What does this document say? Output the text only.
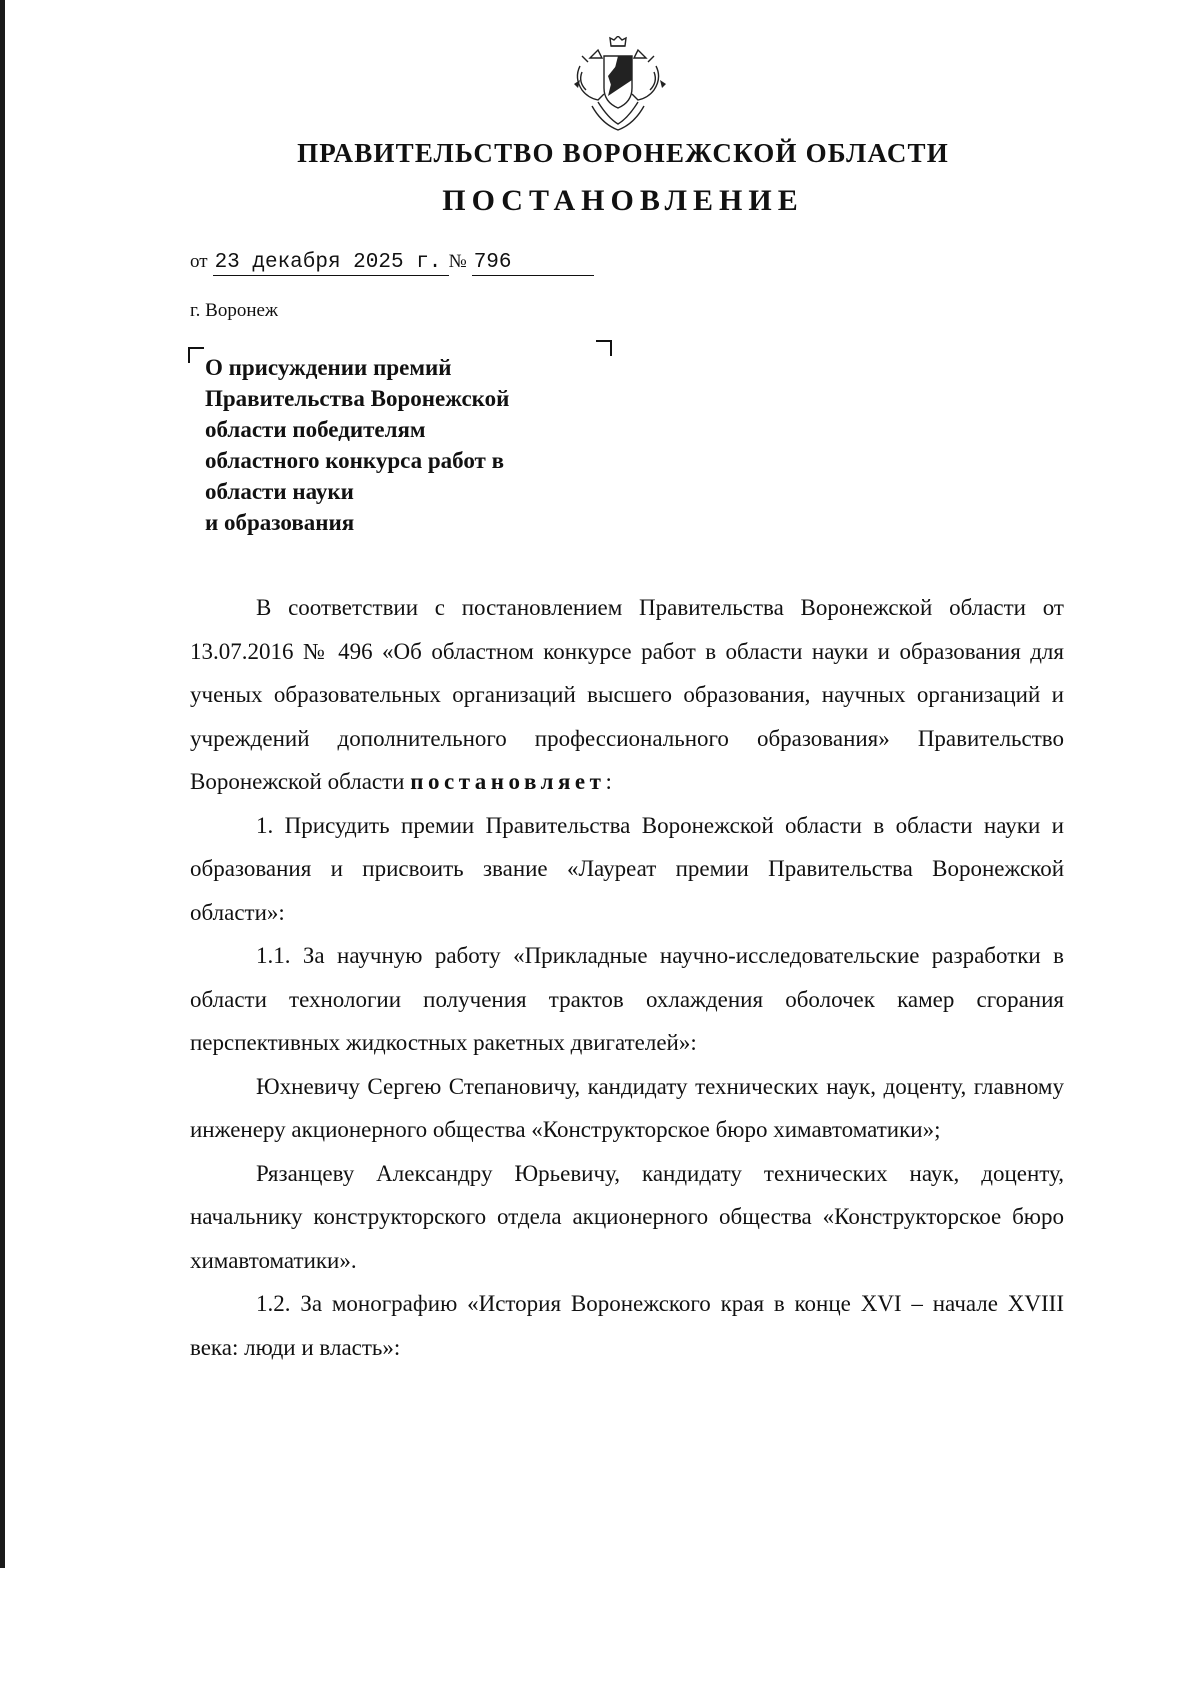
ПРАВИТЕЛЬСТВО ВОРОНЕЖСКОЙ ОБЛАСТИ
ПОСТАНОВЛЕНИЕ
от 23 декабря 2025 г. № 796
г. Воронеж
О присуждении премий
Правительства Воронежской
области победителям
областного конкурса работ в
области науки
и образования

В соответствии с постановлением Правительства Воронежской области от 13.07.2016 № 496 «Об областном конкурсе работ в области науки и образования для ученых образовательных организаций высшего образования, научных организаций и учреждений дополнительного профессионального образования» Правительство Воронежской области постановляет:

1. Присудить премии Правительства Воронежской области в области науки и образования и присвоить звание «Лауреат премии Правительства Воронежской области»:

1.1. За научную работу «Прикладные научно-исследовательские разработки в области технологии получения трактов охлаждения оболочек камер сгорания перспективных жидкостных ракетных двигателей»:

Юхневичу Сергею Степановичу, кандидату технических наук, доценту, главному инженеру акционерного общества «Конструкторское бюро химавтоматики»;

Рязанцеву Александру Юрьевичу, кандидату технических наук, доценту, начальнику конструкторского отдела акционерного общества «Конструкторское бюро химавтоматики».

1.2. За монографию «История Воронежского края в конце XVI – начале XVIII века: люди и власть»:
